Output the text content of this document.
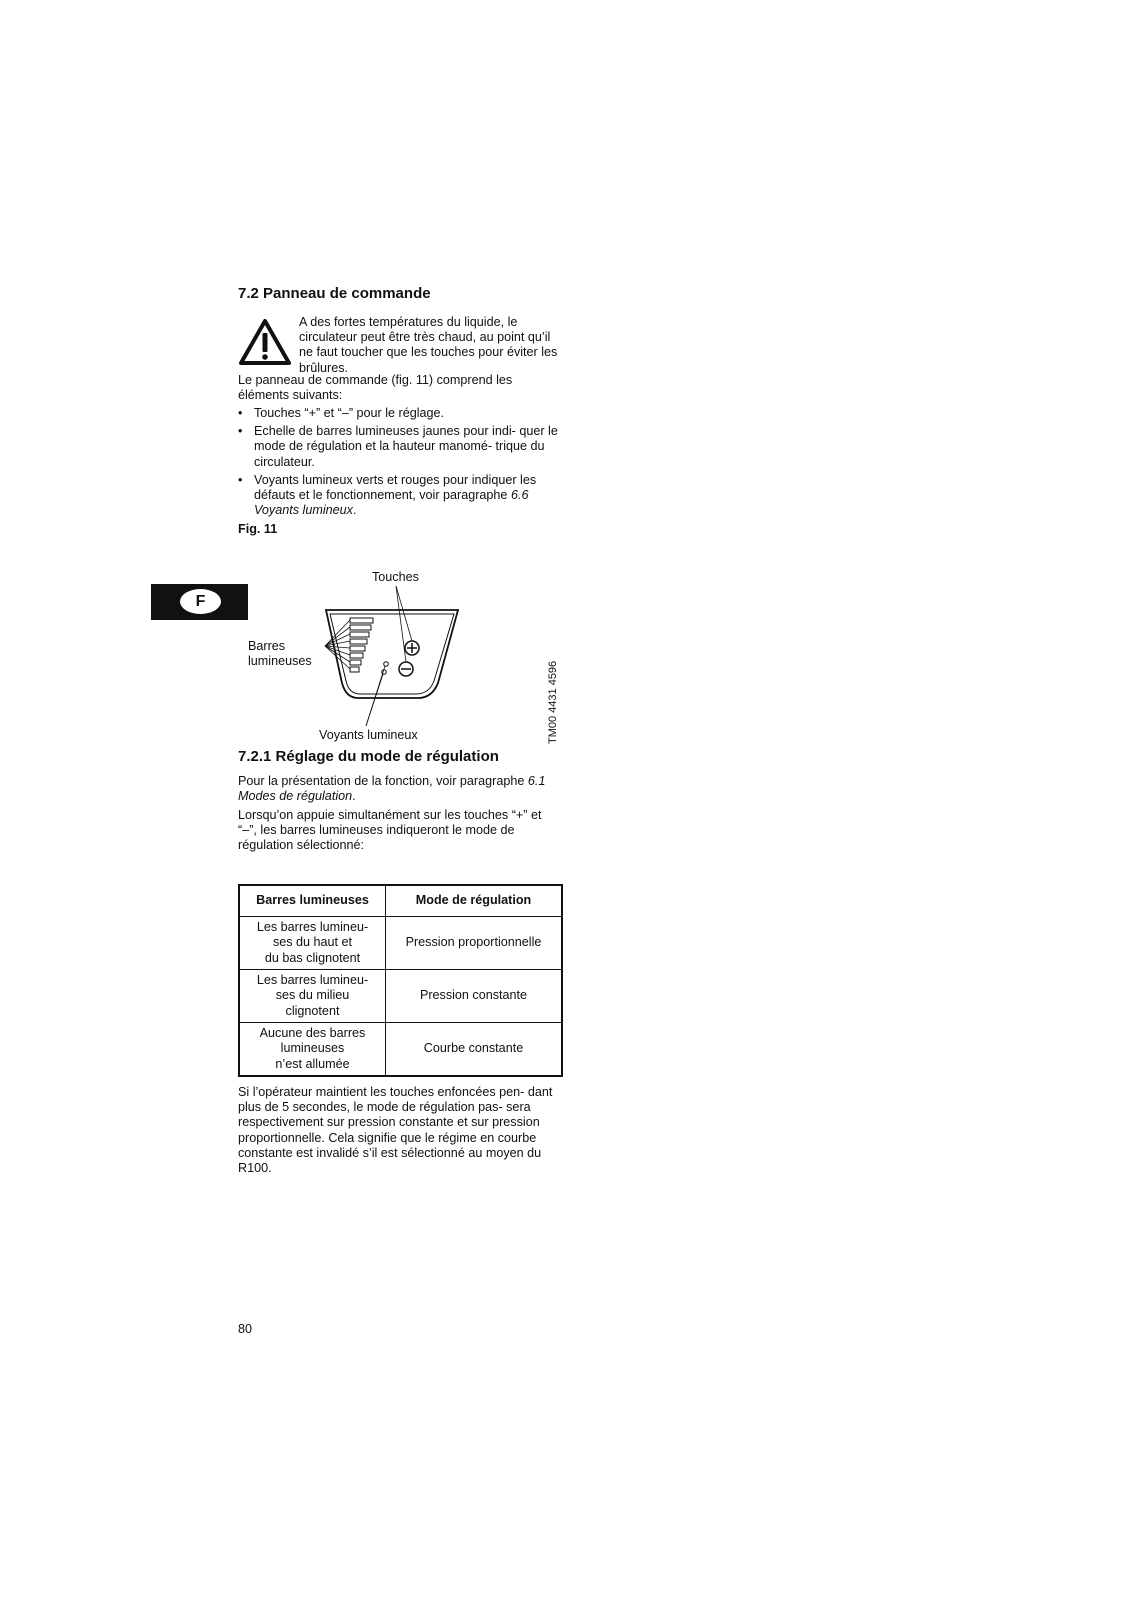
7.2 Panneau de commande

A des fortes températures du liquide, le circulateur peut être très chaud, au point qu’il ne faut toucher que les touches pour éviter les brûlures.

Le panneau de commande (fig. 11) comprend les éléments suivants:

• Touches “+” et “–” pour le réglage.
• Echelle de barres lumineuses jaunes pour indi- quer le mode de régulation et la hauteur manomé- trique du circulateur.
• Voyants lumineux verts et rouges pour indiquer les défauts et le fonctionnement, voir paragraphe 6.6 Voyants lumineux.

Fig. 11

F
Touches
Barres
lumineuses
Voyants lumineux	TM00 4431 4596
7.2.1 Réglage du mode de régulation

Pour la présentation de la fonction, voir paragraphe 6.1 Modes de régulation.

Lorsqu’on appuie simultanément sur les touches “+” et “–”, les barres lumineuses indiqueront le mode de régulation sélectionné:

Barres lumineuses	Mode de régulation
Les barres lumineu-
ses du haut et
du bas clignotent	Pression proportionnelle
Les barres lumineu-
ses du milieu
clignotent	Pression constante
Aucune des barres
lumineuses
n’est allumée	Courbe constante

Si l’opérateur maintient les touches enfoncées pen- dant plus de 5 secondes, le mode de régulation pas- sera respectivement sur pression constante et sur pression proportionnelle. Cela signifie que le régime en courbe constante est invalidé s’il est sélectionné au moyen du R100.

80
